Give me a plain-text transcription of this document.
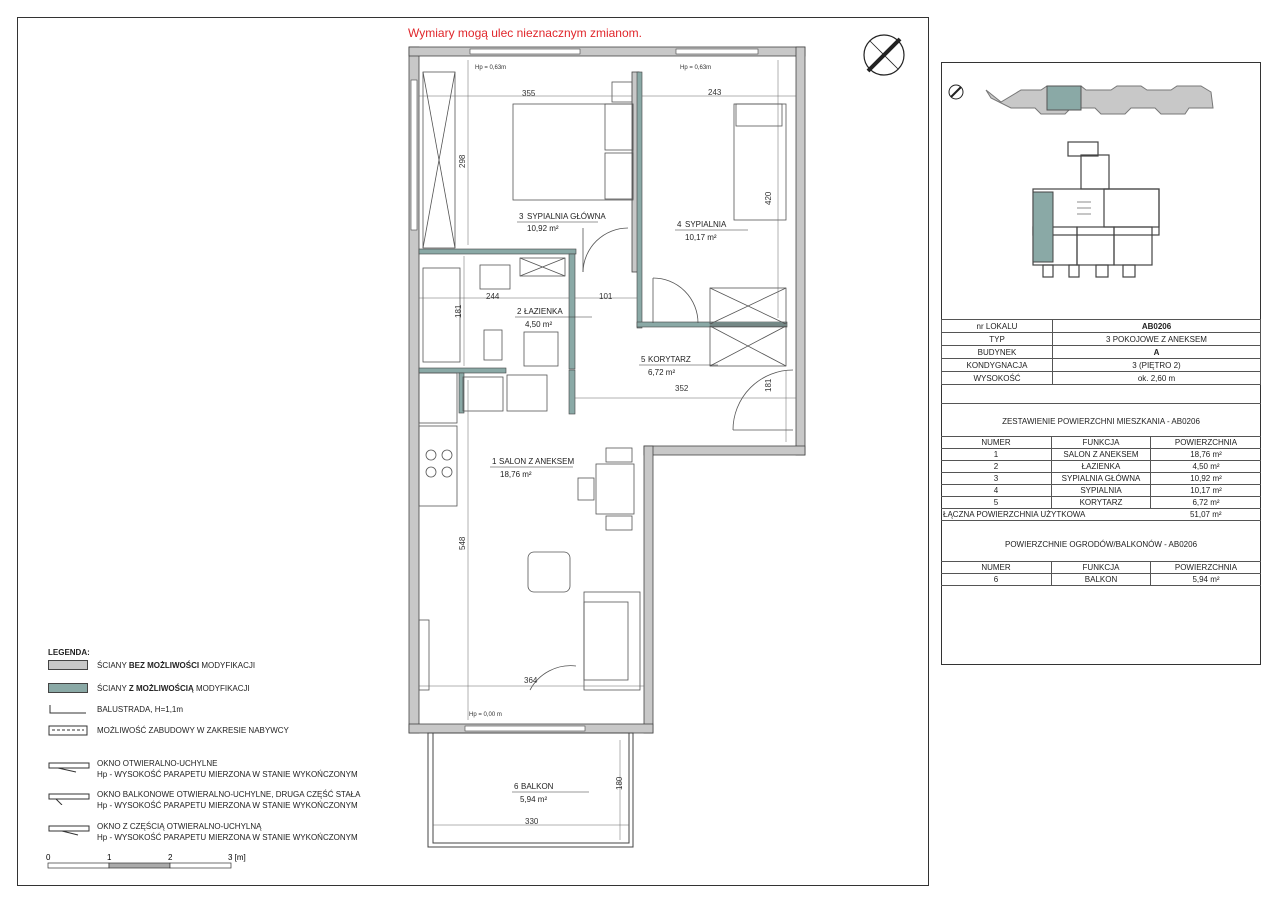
Wymiary mogą ulec nieznacznym zmianom.
355	243
298
420
244	101
181
352	181
548
364
180
330
Hp = 0,63m	Hp = 0,63m
Hp = 0,00 m
3 SYPIALNIA GŁÓWNA
10,92 m²	4 SYPIALNIA
10,17 m²
2 ŁAZIENKA
4,50 m²
5 KORYTARZ
6,72 m²
1 SALON Z ANEKSEM
18,76 m²
6 BALKON
5,94 m²
0	1	2	3 [m]
LEGENDA:
ŚCIANY BEZ MOŻLIWOŚCI MODYFIKACJI
ŚCIANY Z MOŻLIWOŚCIĄ MODYFIKACJI
BALUSTRADA, H=1,1m
MOŻLIWOŚĆ ZABUDOWY W ZAKRESIE NABYWCY
OKNO OTWIERALNO-UCHYLNE
Hp - WYSOKOŚĆ PARAPETU MIERZONA W STANIE WYKOŃCZONYM
OKNO BALKONOWE OTWIERALNO-UCHYLNE, DRUGA CZĘŚĆ STAŁA
Hp - WYSOKOŚĆ PARAPETU MIERZONA W STANIE WYKOŃCZONYM
OKNO Z CZĘŚCIĄ OTWIERALNO-UCHYLNĄ
Hp - WYSOKOŚĆ PARAPETU MIERZONA W STANIE WYKOŃCZONYM
nr LOKALU	AB0206
TYP	3 POKOJOWE Z ANEKSEM
BUDYNEK	A
KONDYGNACJA	3 (PIĘTRO 2)
WYSOKOŚĆ	ok. 2,60 m
ZESTAWIENIE POWIERZCHNI MIESZKANIA - AB0206
NUMER	FUNKCJA	POWIERZCHNIA
1	SALON Z ANEKSEM	18,76 m²
2	ŁAZIENKA	4,50 m²
3	SYPIALNIA GŁÓWNA	10,92 m²
4	SYPIALNIA	10,17 m²
5	KORYTARZ	6,72 m²
ŁĄCZNA POWIERZCHNIA UŻYTKOWA		51,07 m²
POWIERZCHNIE OGRODÓW/BALKONÓW - AB0206
NUMER	FUNKCJA	POWIERZCHNIA
6	BALKON	5,94 m²
